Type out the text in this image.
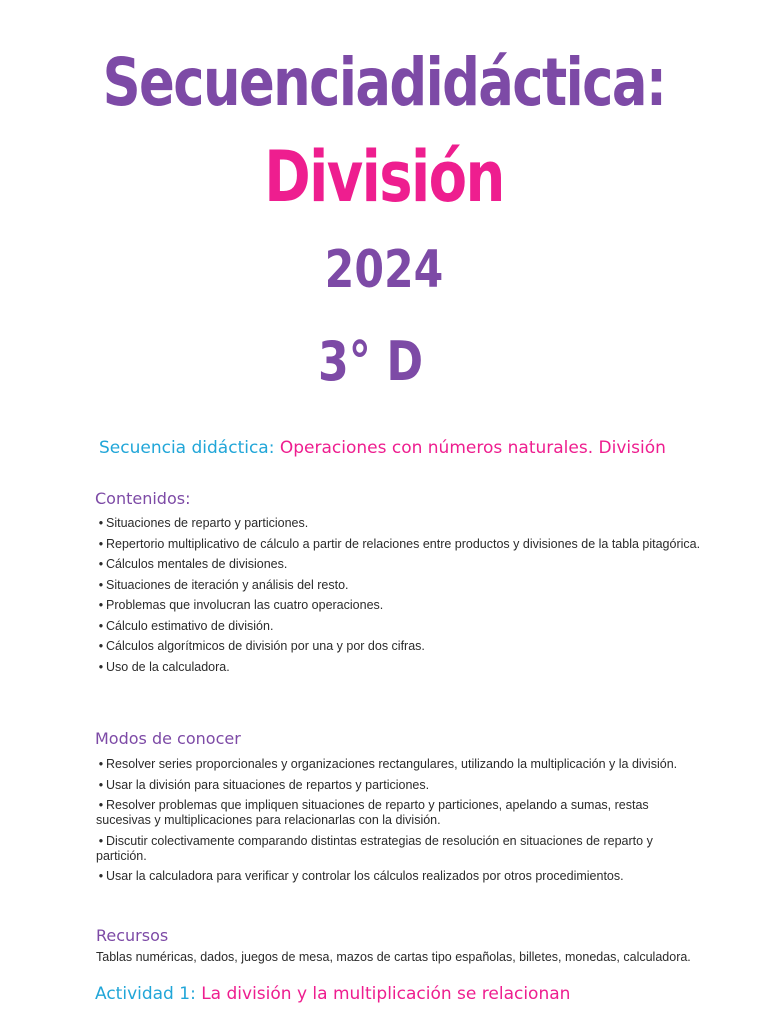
Secuenciadidáctica:
División
2024
3° D
Secuencia didáctica: Operaciones con números naturales. División
Contenidos:
• Situaciones de reparto y particiones.
• Repertorio multiplicativo de cálculo a partir de relaciones entre productos y divisiones de la tabla pitagórica.
• Cálculos mentales de divisiones.
• Situaciones de iteración y análisis del resto.
• Problemas que involucran las cuatro operaciones.
• Cálculo estimativo de división.
• Cálculos algorítmicos de división por una y por dos cifras.
• Uso de la calculadora.
Modos de conocer
• Resolver series proporcionales y organizaciones rectangulares, utilizando la multiplicación y la división.
• Usar la división para situaciones de repartos y particiones.
• Resolver problemas que impliquen situaciones de reparto y particiones, apelando a sumas, restas sucesivas y multiplicaciones para relacionarlas con la división.
• Discutir colectivamente comparando distintas estrategias de resolución en situaciones de reparto y partición.
• Usar la calculadora para verificar y controlar los cálculos realizados por otros procedimientos.
Recursos
Tablas numéricas, dados, juegos de mesa, mazos de cartas tipo españolas, billetes, monedas, calculadora.
Actividad 1: La división y la multiplicación se relacionan
